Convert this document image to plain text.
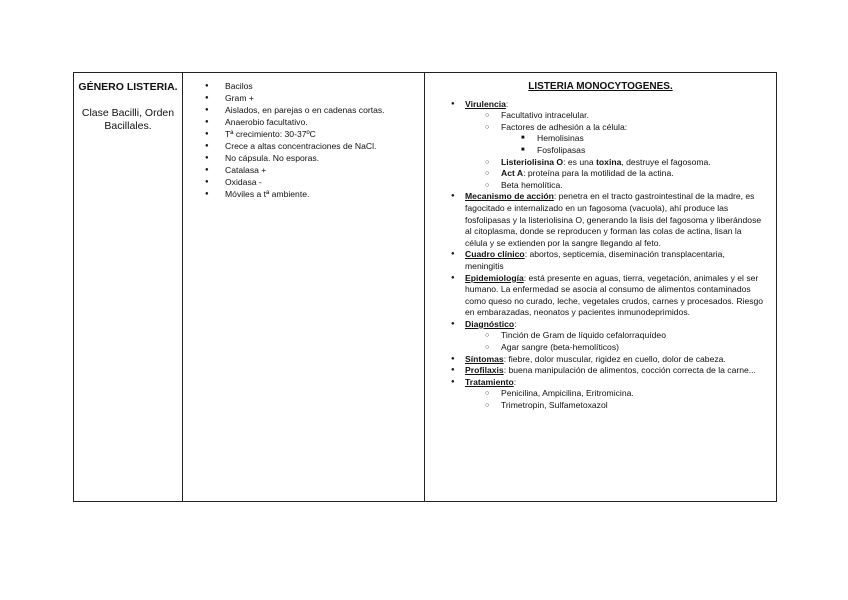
GÉNERO LISTERIA.
Clase Bacilli, Orden Bacillales.

● Bacilos
● Gram +
● Aislados, en parejas o en cadenas cortas.
● Anaerobio facultativo.
● Tª crecimiento: 30-37ºC
● Crece a altas concentraciones de NaCl.
● No cápsula. No esporas.
● Catalasa +
● Oxidasa -
● Móviles a tª ambiente.

LISTERIA MONOCYTOGENES.
● Virulencia:
○ Facultativo intracelular.
○ Factores de adhesión a la célula:
■ Hemolisinas
■ Fosfolipasas
○ Listeriolisina O: es una toxina, destruye el fagosoma.
○ Act A: proteína para la motilidad de la actina.
○ Beta hemolítica.
● Mecanismo de acción: penetra en el tracto gastrointestinal de la madre, es fagocitado e internalizado en un fagosoma (vacuola), ahí produce las fosfolipasas y la listeriolisina O, generando la lisis del fagosoma y liberándose al citoplasma, donde se reproducen y forman las colas de actina, lisan la célula y se extienden por la sangre llegando al feto.
● Cuadro clínico: abortos, septicemia, diseminación transplacentaria, meningitis
● Epidemiología: está presente en aguas, tierra, vegetación, animales y el ser humano. La enfermedad se asocia al consumo de alimentos contaminados como queso no curado, leche, vegetales crudos, carnes y procesados. Riesgo en embarazadas, neonatos y pacientes inmunodeprimidos.
● Diagnóstico:
○ Tinción de Gram de líquido cefalorraquídeo
○ Agar sangre (beta-hemolíticos)
● Síntomas: fiebre, dolor muscular, rigidez en cuello, dolor de cabeza.
● Profilaxis: buena manipulación de alimentos, cocción correcta de la carne...
● Tratamiento:
○ Penicilina, Ampicilina, Eritromicina.
○ Trimetropin, Sulfametoxazol
